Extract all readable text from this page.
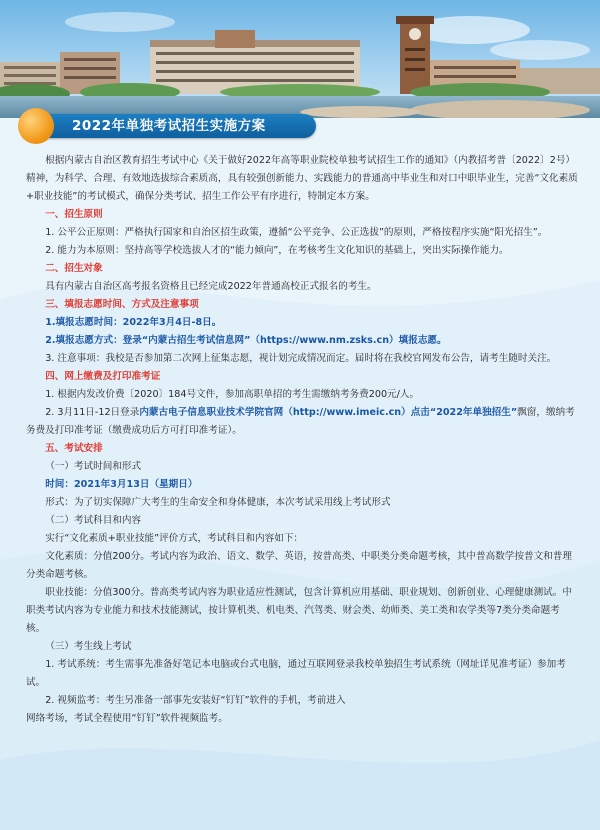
2022年单独考试招生实施方案

根据内蒙古自治区教育招生考试中心《关于做好2022年高等职业院校单独考试招生工作的通知》（内教招考普〔2022〕2号）精神，为科学、合理、有效地选拔综合素质高，具有较强创新能力、实践能力的普通高中毕业生和对口中职毕业生，完善“文化素质+职业技能”的考试模式，确保分类考试、招生工作公平有序进行，特制定本方案。

一、招生原则

1. 公平公正原则：严格执行国家和自治区招生政策，遵循“公平竞争、公正选拔”的原则，严格按程序实施“阳光招生”。

2. 能力为本原则：坚持高等学校选拔人才的“能力倾向”，在考核考生文化知识的基础上，突出实际操作能力。

二、招生对象

具有内蒙古自治区高考报名资格且已经完成2022年普通高校正式报名的考生。

三、填报志愿时间、方式及注意事项

1.填报志愿时间：2022年3月4日-8日。

2.填报志愿方式：登录“内蒙古招生考试信息网”（https://www.nm.zsks.cn）填报志愿。

3. 注意事项：我校是否参加第二次网上征集志愿，视计划完成情况而定。届时将在我校官网发布公告，请考生随时关注。

四、网上缴费及打印准考证

1. 根据内发改价费〔2020〕184号文件，参加高职单招的考生需缴纳考务费200元/人。

2. 3月11日-12日登录内蒙古电子信息职业技术学院官网（http://www.imeic.cn）点击“2022年单独招生”飘窗，缴纳考务费及打印准考证（缴费成功后方可打印准考证）。

五、考试安排

（一）考试时间和形式

时间：2021年3月13日（星期日）

形式：为了切实保障广大考生的生命安全和身体健康，本次考试采用线上考试形式

（二）考试科目和内容

实行“文化素质+职业技能”评价方式，考试科目和内容如下：

文化素质：分值200分。考试内容为政治、语文、数学、英语，按普高类、中职类分类命题考核，其中普高数学按普文和普理分类命题考核。

职业技能：分值300分。普高类考试内容为职业适应性测试，包含计算机应用基础、职业规划、创新创业、心理健康测试。中职类考试内容为专业能力和技术技能测试，按计算机类、机电类、汽驾类、财会类、幼师类、美工类和农学类等7类分类命题考核。

（三）考生线上考试

1. 考试系统：考生需事先准备好笔记本电脑或台式电脑，通过互联网登录我校单独招生考试系统（网址详见准考证）参加考试。

2. 视频监考：考生另准备一部事先安装好“钉钉”软件的手机，考前进入
网络考场，考试全程使用“钉钉”软件视频监考。
